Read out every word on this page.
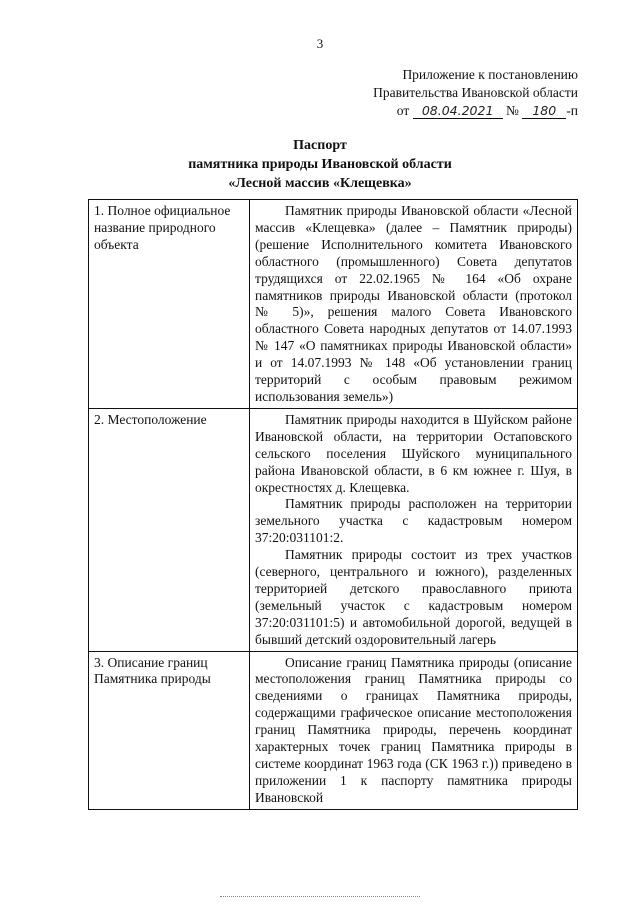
3
Приложение к постановлению
Правительства Ивановской области
от 08.04.2021 № 180 -п
Паспорт
памятника природы Ивановской области
«Лесной массив «Клещевка»
1. Полное официальное название природного объекта	Памятник природы Ивановской области «Лесной массив «Клещевка» (далее – Памятник природы) (решение Исполнительного комитета Ивановского областного (промышленного) Совета депутатов трудящихся от 22.02.1965 № 164 «Об охране памятников природы Ивановской области (протокол № 5)», решения малого Совета Ивановского областного Совета народных депутатов от 14.07.1993 № 147 «О памятниках природы Ивановской области» и от 14.07.1993 № 148 «Об установлении границ территорий с особым правовым режимом использования земель»)

2. Местоположение	Памятник природы находится в Шуйском районе Ивановской области, на территории Остаповского сельского поселения Шуйского муниципального района Ивановской области, в 6 км южнее г. Шуя, в окрестностях д. Клещевка.

Памятник природы расположен на территории земельного участка с кадастровым номером 37:20:031101:2.

Памятник природы состоит из трех участков (северного, центрального и южного), разделенных территорией детского православного приюта (земельный участок с кадастровым номером 37:20:031101:5) и автомобильной дорогой, ведущей в бывший детский оздоровительный лагерь

3. Описание границ Памятника природы	Описание границ Памятника природы (описание местоположения границ Памятника природы со сведениями о границах Памятника природы, содержащими графическое описание местоположения границ Памятника природы, перечень координат характерных точек границ Памятника природы в системе координат 1963 года (СК 1963 г.)) приведено в приложении 1 к паспорту памятника природы Ивановской
